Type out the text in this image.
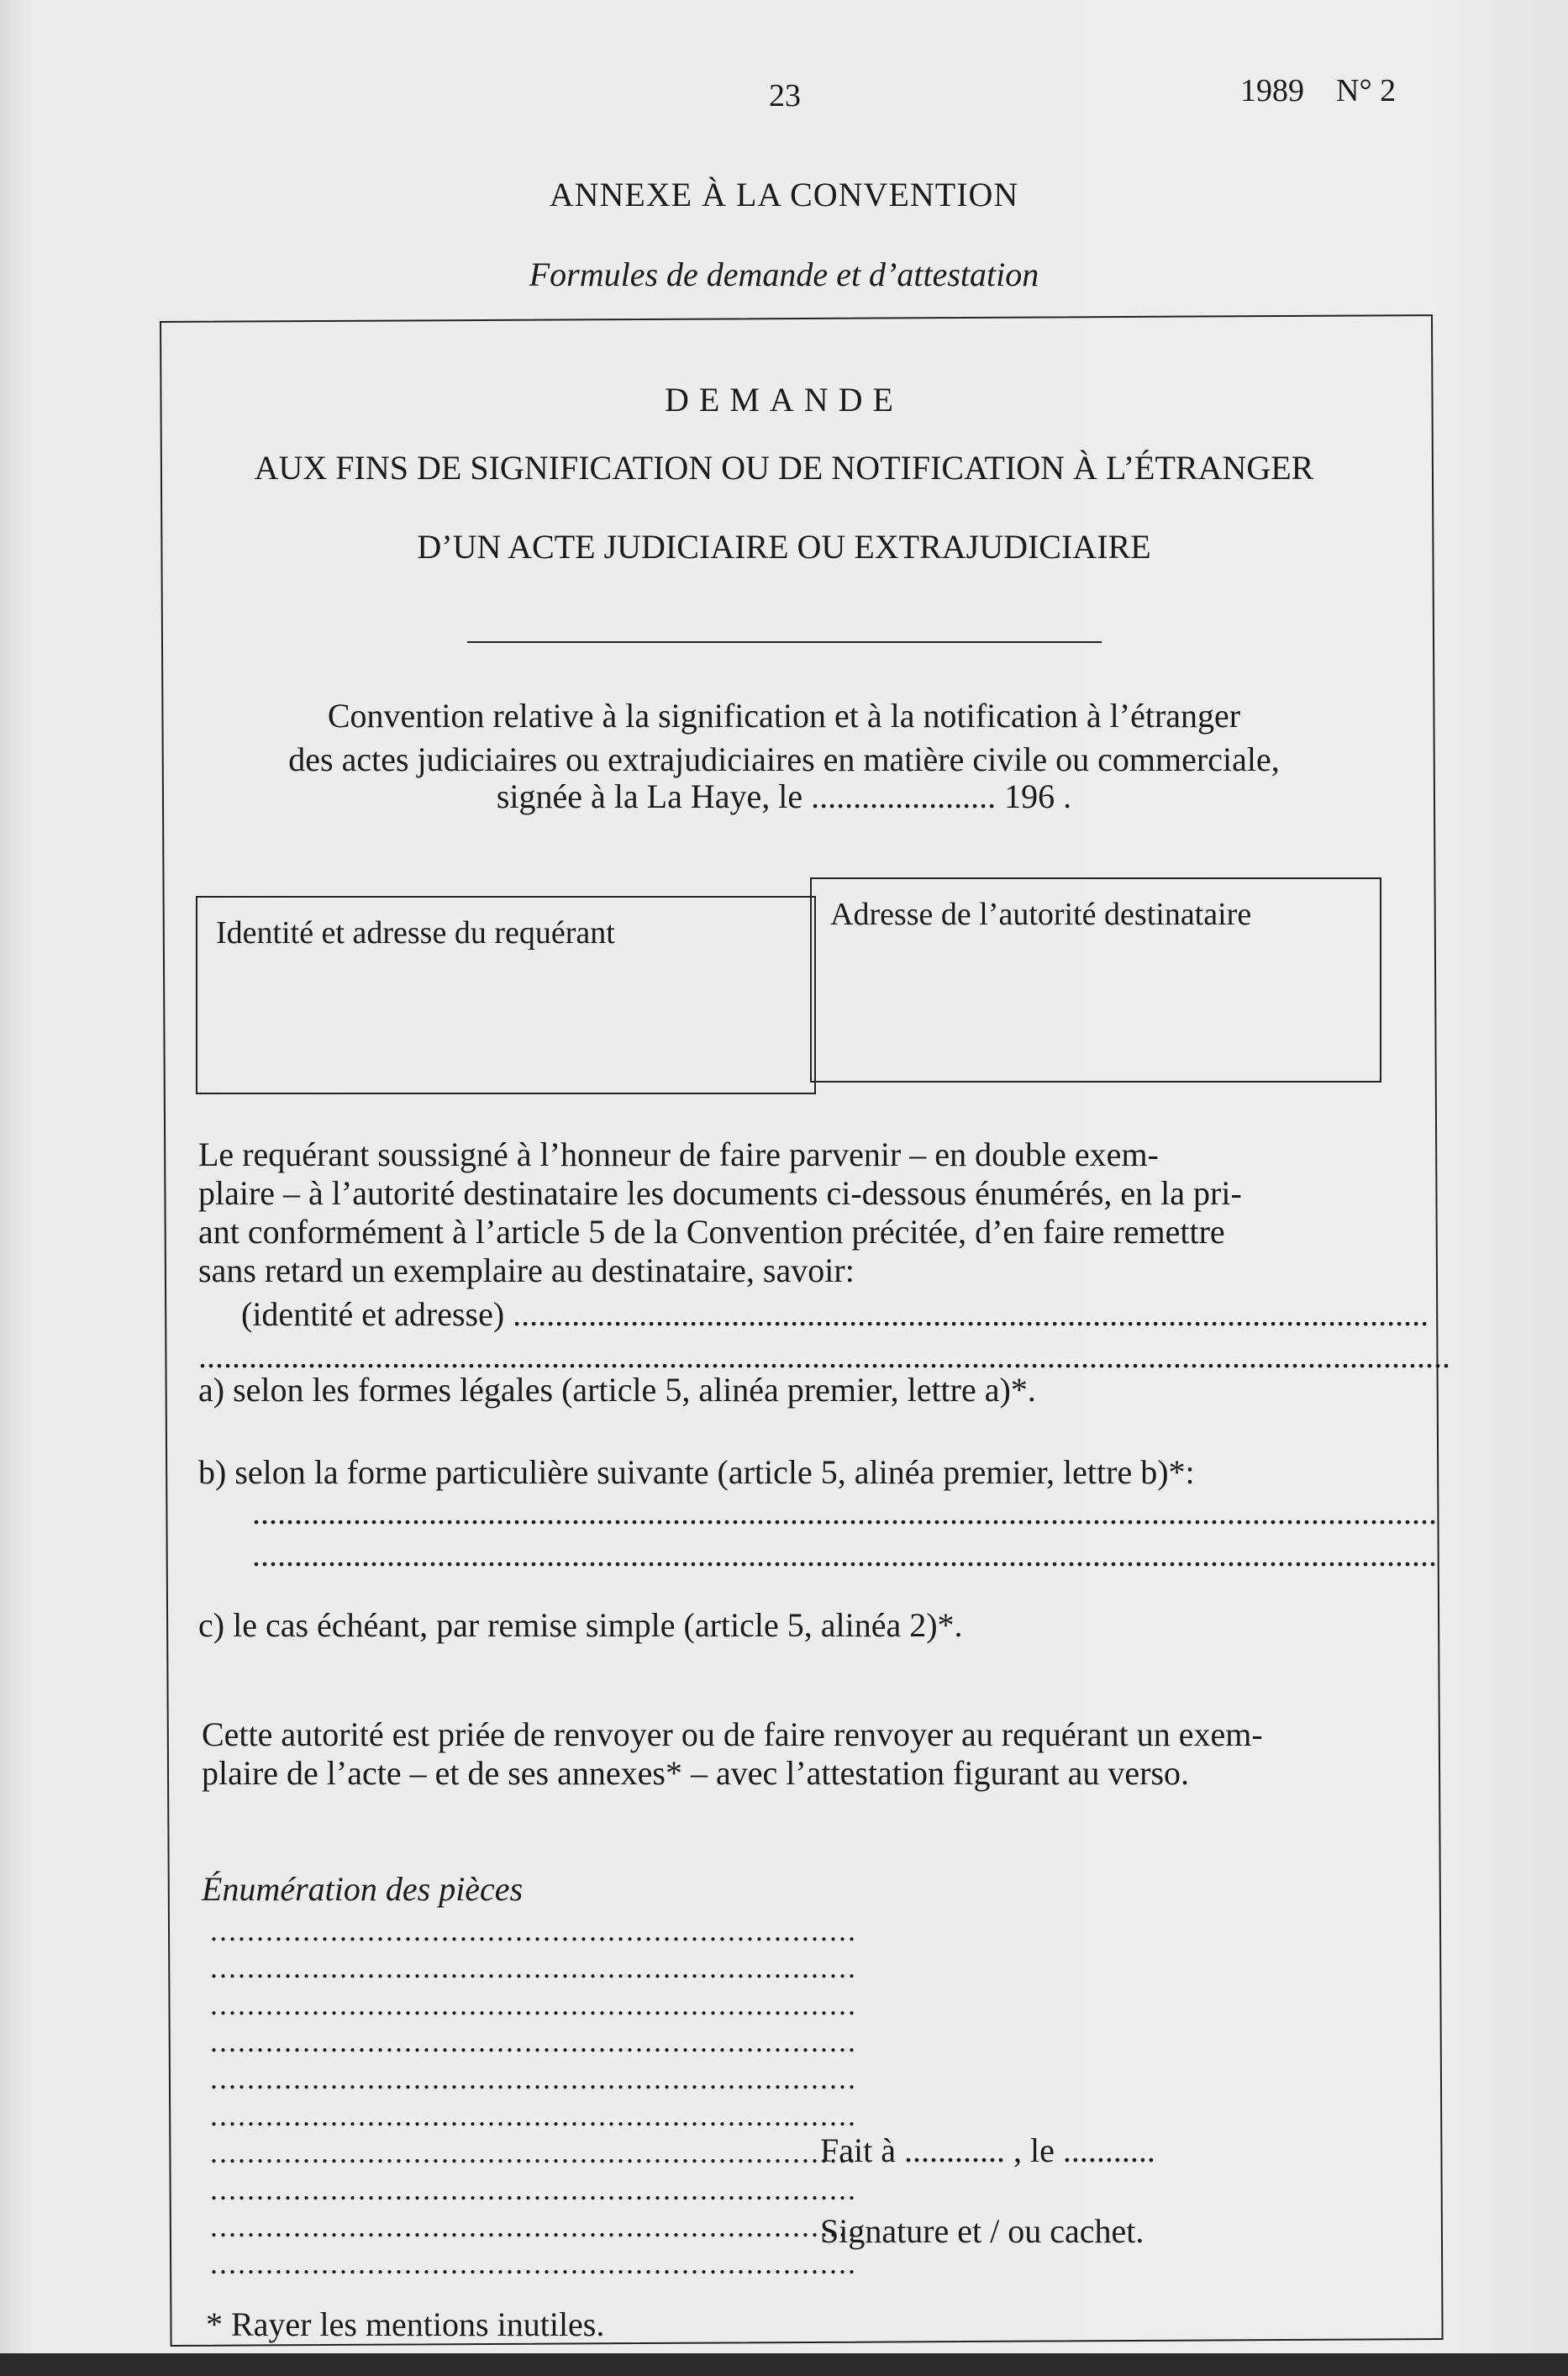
23	1989    N° 2
ANNEXE À LA CONVENTION
Formules de demande et d’attestation
DEMANDE
AUX FINS DE SIGNIFICATION OU DE NOTIFICATION À L’ÉTRANGER
D’UN ACTE JUDICIAIRE OU EXTRAJUDICIAIRE
Convention relative à la signification et à la notification à l’étranger
des actes judiciaires ou extrajudiciaires en matière civile ou commerciale,
signée à la La Haye, le ...................... 196 .
Identité et adresse du requérant
Adresse de l’autorité destinataire
Le requérant soussigné à l’honneur de faire parvenir – en double exem-
plaire – à l’autorité destinataire les documents ci-dessous énumérés, en la pri-
ant conformément à l’article 5 de la Convention précitée, d’en faire remettre
sans retard un exemplaire au destinataire, savoir:
(identité et adresse) .............................................................................................................
.....................................................................................................................................................
a) selon les formes légales (article 5, alinéa premier, lettre a)*.
b) selon la forme particulière suivante (article 5, alinéa premier, lettre b)*:
.............................................................................................................................................
.............................................................................................................................................
c) le cas échéant, par remise simple (article 5, alinéa 2)*.
Cette autorité est priée de renvoyer ou de faire renvoyer au requérant un exem-
plaire de l’acte – et de ses annexes* – avec l’attestation figurant au verso.
Énumération des pièces
......................................................................
......................................................................
......................................................................
......................................................................
......................................................................
......................................................................
......................................................................
......................................................................
......................................................................
......................................................................
Fait à ............ , le ...........
Signature et / ou cachet.
* Rayer les mentions inutiles.
